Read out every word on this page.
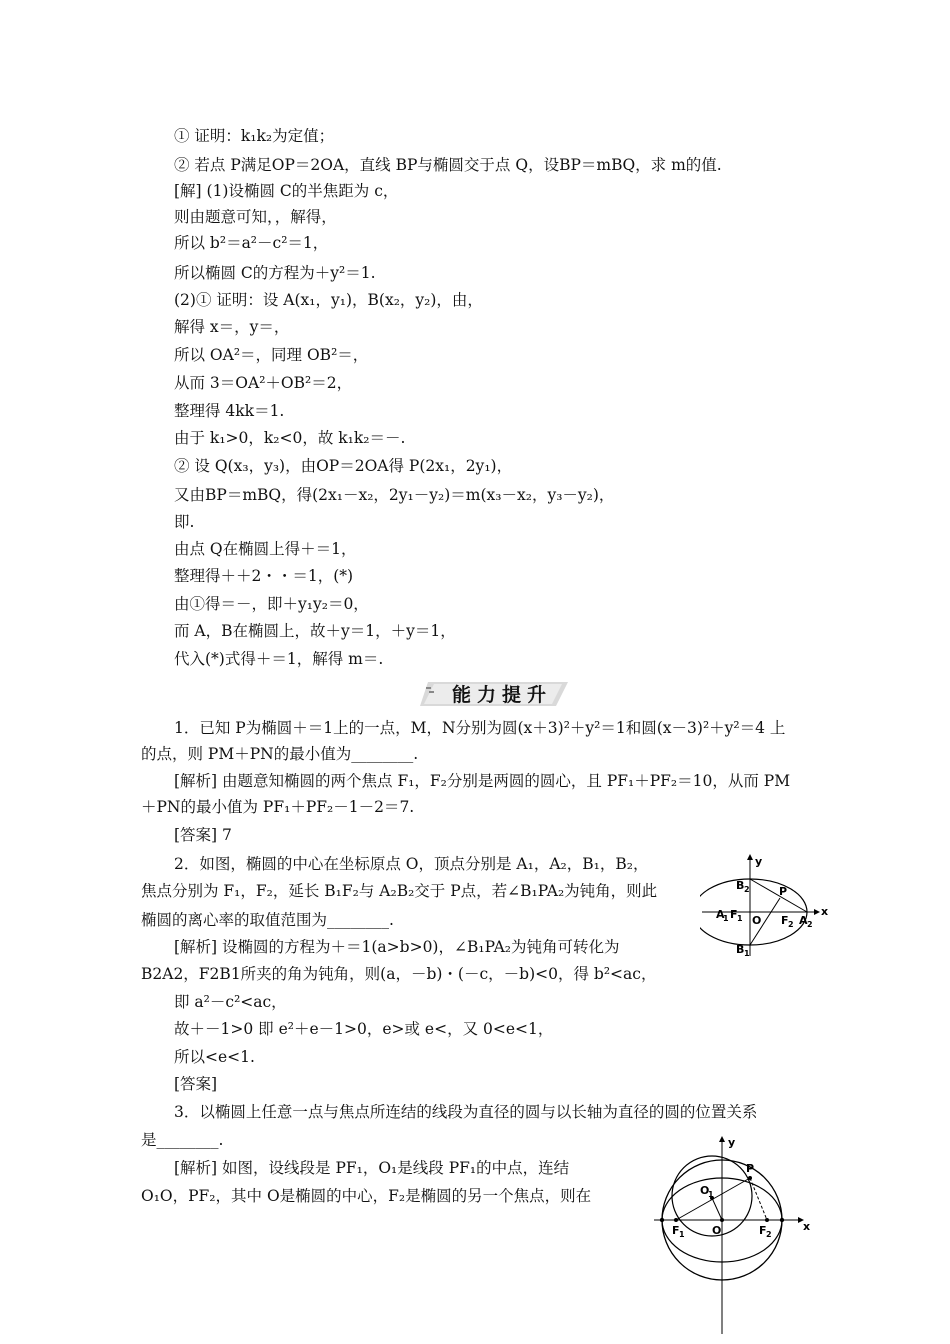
① 证明：k₁k₂为定值；
② 若点 P满足OP＝2OA，直线 BP与椭圆交于点 Q，设BP＝mBQ，求 m的值.
[解] (1)设椭圆 C的半焦距为 c，
则由题意可知，，解得，
所以 b²＝a²－c²＝1，
所以椭圆 C的方程为＋y²＝1.
(2)① 证明：设 A(x₁，y₁)，B(x₂，y₂)，由，
解得 x＝，y＝，
所以 OA²＝，同理 OB²＝，
从而 3＝OA²＋OB²＝2，
整理得 4kk＝1.
由于 k₁>0，k₂<0，故 k₁k₂＝－.
② 设 Q(x₃，y₃)，由OP＝2OA得 P(2x₁，2y₁)，
又由BP＝mBQ，得(2x₁－x₂，2y₁－y₂)＝m(x₃－x₂，y₃－y₂)，
即.
由点 Q在椭圆上得＋＝1，
整理得＋＋2・・＝1，(*)
由①得＝－，即＋y₁y₂＝0，
而 A，B在椭圆上，故＋y＝1，＋y＝1，
代入(*)式得＋＝1，解得 m＝.
能力提升
1．已知 P为椭圆＋＝1上的一点，M，N分别为圆(x＋3)²＋y²＝1和圆(x－3)²＋y²＝4 上
的点，则 PM＋PN的最小值为________.
[解析] 由题意知椭圆的两个焦点 F₁，F₂分别是两圆的圆心，且 PF₁＋PF₂＝10，从而 PM
＋PN的最小值为 PF₁＋PF₂－1－2＝7.
[答案] 7
2．如图，椭圆的中心在坐标原点 O，顶点分别是 A₁，A₂，B₁，B₂，
焦点分别为 F₁，F₂，延长 B₁F₂与 A₂B₂交于 P点，若∠B₁PA₂为钝角，则此
椭圆的离心率的取值范围为________.
[解析] 设椭圆的方程为＋＝1(a>b>0)，∠B₁PA₂为钝角可转化为
B2A2，F2B1所夹的角为钝角，则(a，－b)・(－c，－b)<0，得 b²<ac，
即 a²－c²<ac，
故＋－1>0 即 e²＋e－1>0，e>或 e<，又 0<e<1，
所以<e<1.
[答案]
3．以椭圆上任意一点与焦点所连结的线段为直径的圆与以长轴为直径的圆的位置关系
是________.
[解析] 如图，设线段是 PF₁，O₁是线段 PF₁的中点，连结
O₁O，PF₂，其中 O是椭圆的中心，F₂是椭圆的另一个焦点，则在
y
x
B 2	P
A
1 F 1 O F 2 A 2
B 1
y
x
P
O
1
F 1 O	F 2
